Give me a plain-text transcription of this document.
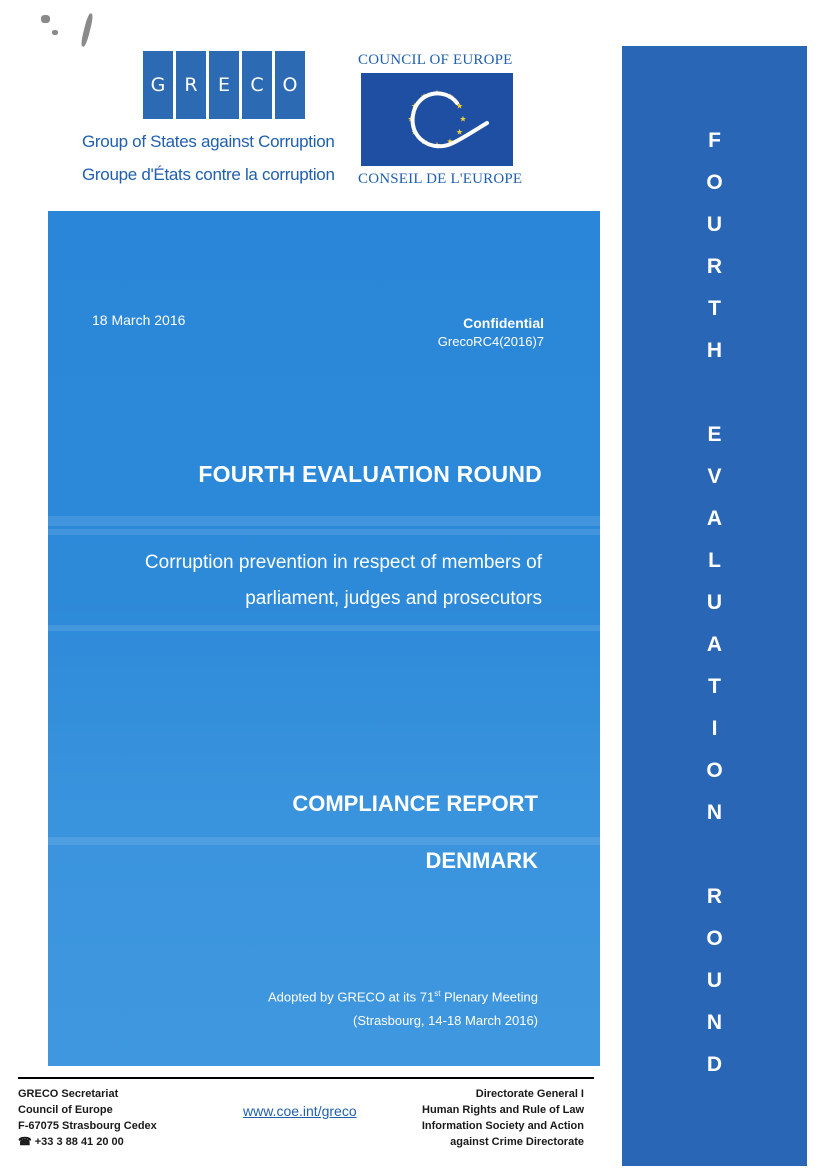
G	R	E	C O
Group of States against Corruption
Groupe d'États contre la corruption
COUNCIL OF EUROPE
CONSEIL DE L'EUROPE
18 March 2016	Confidential
GrecoRC4(2016)7
FOURTH EVALUATION ROUND
Corruption prevention in respect of members of
parliament, judges and prosecutors
COMPLIANCE REPORT
DENMARK
Adopted by GRECO at its 71st Plenary Meeting
(Strasbourg, 14-18 March 2016)
F
O
U
R
T
H
E
V
A
L
U
A
T
I
O
N
R
O
U
N
D
GRECO Secretariat
Council of Europe
F-67075 Strasbourg Cedex
☎ +33 3 88 41 20 00
www.coe.int/greco
Directorate General I
Human Rights and Rule of Law
Information Society and Action
against Crime Directorate
